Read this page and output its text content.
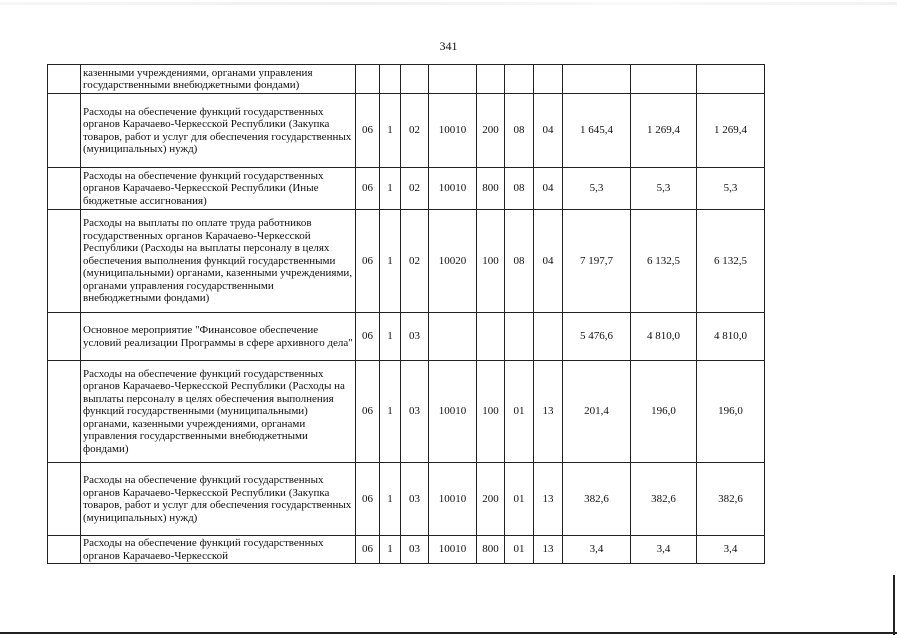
341
	казенными учреждениями, органами управления государственными внебюджетными фондами)										
	Расходы на обеспечение функций государственных органов Карачаево-Черкесской Республики (Закупка товаров, работ и услуг для обеспечения государственных (муниципальных) нужд)	06	1	02	10010	200	08	04	1 645,4	1 269,4	1 269,4
	Расходы на обеспечение функций государственных органов Карачаево-Черкесской Республики (Иные бюджетные ассигнования)	06	1	02	10010	800	08	04	5,3	5,3	5,3
	Расходы на выплаты по оплате труда работников государственных органов Карачаево-Черкесской Республики (Расходы на выплаты персоналу в целях обеспечения выполнения функций государственными (муниципальными) органами, казенными учреждениями, органами управления государственными внебюджетными фондами)	06	1	02	10020	100	08	04	7 197,7	6 132,5	6 132,5
	Основное мероприятие "Финансовое обеспечение условий реализации Программы в сфере архивного дела"	06	1	03					5 476,6	4 810,0	4 810,0
	Расходы на обеспечение функций государственных органов Карачаево-Черкесской Республики (Расходы на выплаты персоналу в целях обеспечения выполнения функций государственными (муниципальными) органами, казенными учреждениями, органами управления государственными внебюджетными фондами)	06	1	03	10010	100	01	13	201,4	196,0	196,0
	Расходы на обеспечение функций государственных органов Карачаево-Черкесской Республики (Закупка товаров, работ и услуг для обеспечения государственных (муниципальных) нужд)	06	1	03	10010	200	01	13	382,6	382,6	382,6
	Расходы на обеспечение функций государственных органов Карачаево-Черкесской	06	1	03	10010	800	01	13	3,4	3,4	3,4
